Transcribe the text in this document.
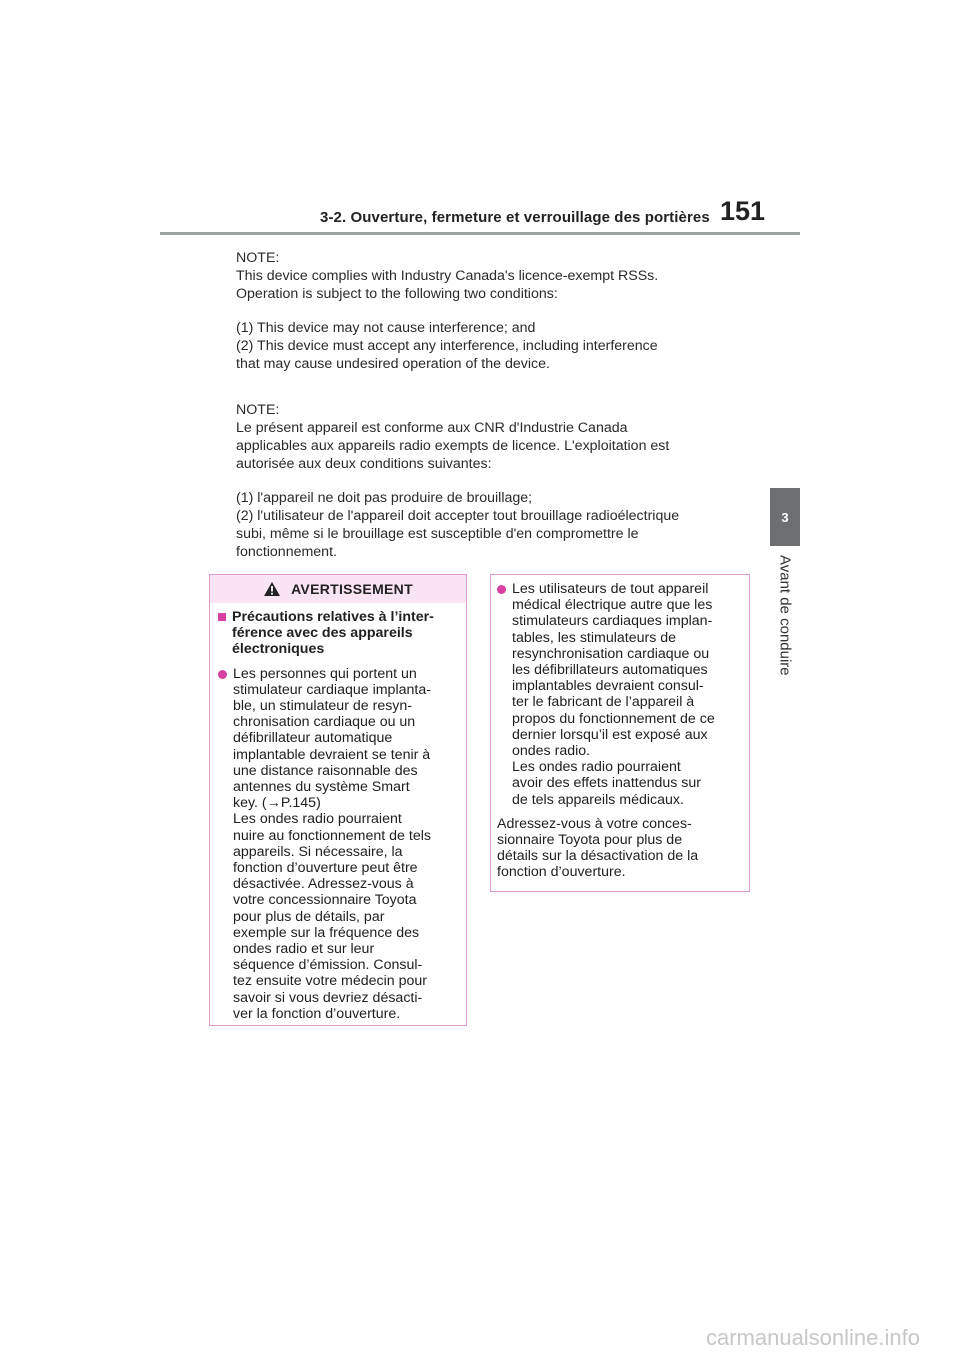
3-2. Ouverture, fermeture et verrouillage des portières 151
3
Avant de conduire

NOTE:

This device complies with Industry Canada's licence-exempt RSSs.

Operation is subject to the following two conditions:

(1) This device may not cause interference; and

(2) This device must accept any interference, including interference

that may cause undesired operation of the device.

NOTE:

Le présent appareil est conforme aux CNR d'Industrie Canada

applicables aux appareils radio exempts de licence. L'exploitation est

autorisée aux deux conditions suivantes:

(1) l'appareil ne doit pas produire de brouillage;

(2) l'utilisateur de l'appareil doit accepter tout brouillage radioélectrique

subi, même si le brouillage est susceptible d'en compromettre le

fonctionnement.

AVERTISSEMENT
Précautions relatives à l’inter-
férence avec des appareils
électroniques
Les personnes qui portent un
stimulateur cardiaque implanta-
ble, un stimulateur de resyn-
chronisation cardiaque ou un
défibrillateur automatique
implantable devraient se tenir à
une distance raisonnable des
antennes du système Smart
key. (→P.145)
Les ondes radio pourraient
nuire au fonctionnement de tels
appareils. Si nécessaire, la
fonction d’ouverture peut être
désactivée. Adressez-vous à
votre concessionnaire Toyota
pour plus de détails, par
exemple sur la fréquence des
ondes radio et sur leur
séquence d’émission. Consul-
tez ensuite votre médecin pour
savoir si vous devriez désacti-
ver la fonction d’ouverture.
Les utilisateurs de tout appareil
médical électrique autre que les
stimulateurs cardiaques implan-
tables, les stimulateurs de
resynchronisation cardiaque ou
les défibrillateurs automatiques
implantables devraient consul-
ter le fabricant de l’appareil à
propos du fonctionnement de ce
dernier lorsqu’il est exposé aux
ondes radio.
Les ondes radio pourraient
avoir des effets inattendus sur
de tels appareils médicaux.
Adressez-vous à votre conces-
sionnaire Toyota pour plus de
détails sur la désactivation de la
fonction d’ouverture.
carmanualsonline.info
